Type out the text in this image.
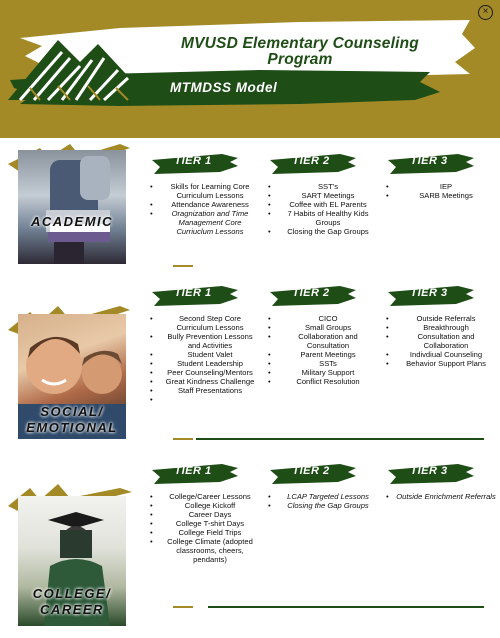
×
MVUSD Elementary Counseling Program
MTMDSS Model
ACADEMIC
TIER 1
• Skills for Learning Core Curriculum Lessons
• Attendance Awareness
• Oragnization and Time Management Core Curriuclum Lessons
TIER 2
• SST's
• SART Meetings
• Coffee with EL Parents
• 7 Habits of Healthy Kids Groups
• Closing the Gap Groups
TIER 3
• IEP
• SARB Meetings
SOCIAL/ EMOTIONAL
TIER 1
• Second Step Core Curriculum Lessons
• Bully Prevention Lessons and Activities
• Student Valet
• Student Leadership
• Peer Counseling/Mentors
• Great Kindness Challenge
• Staff Presentations
•
TIER 2
• CICO
• Small Groups
• Collaboration and Consultation
• Parent Meetings
• SSTs
• Military Support
• Conflict Resolution
TIER 3
• Outside Referrals
• Breakthrough
• Consultation and Collaboration
• Indivdiual Counseling
• Behavior Support Plans
COLLEGE/ CAREER
TIER 1
• College/Career Lessons
• College Kickoff
• Career Days
• College T-shirt Days
• College Field Trips
• College Climate (adopted classrooms, cheers, pendants)
TIER 2
• LCAP Targeted Lessons
• Closing the Gap Groups
TIER 3
• Outside Enrichment Referrals
